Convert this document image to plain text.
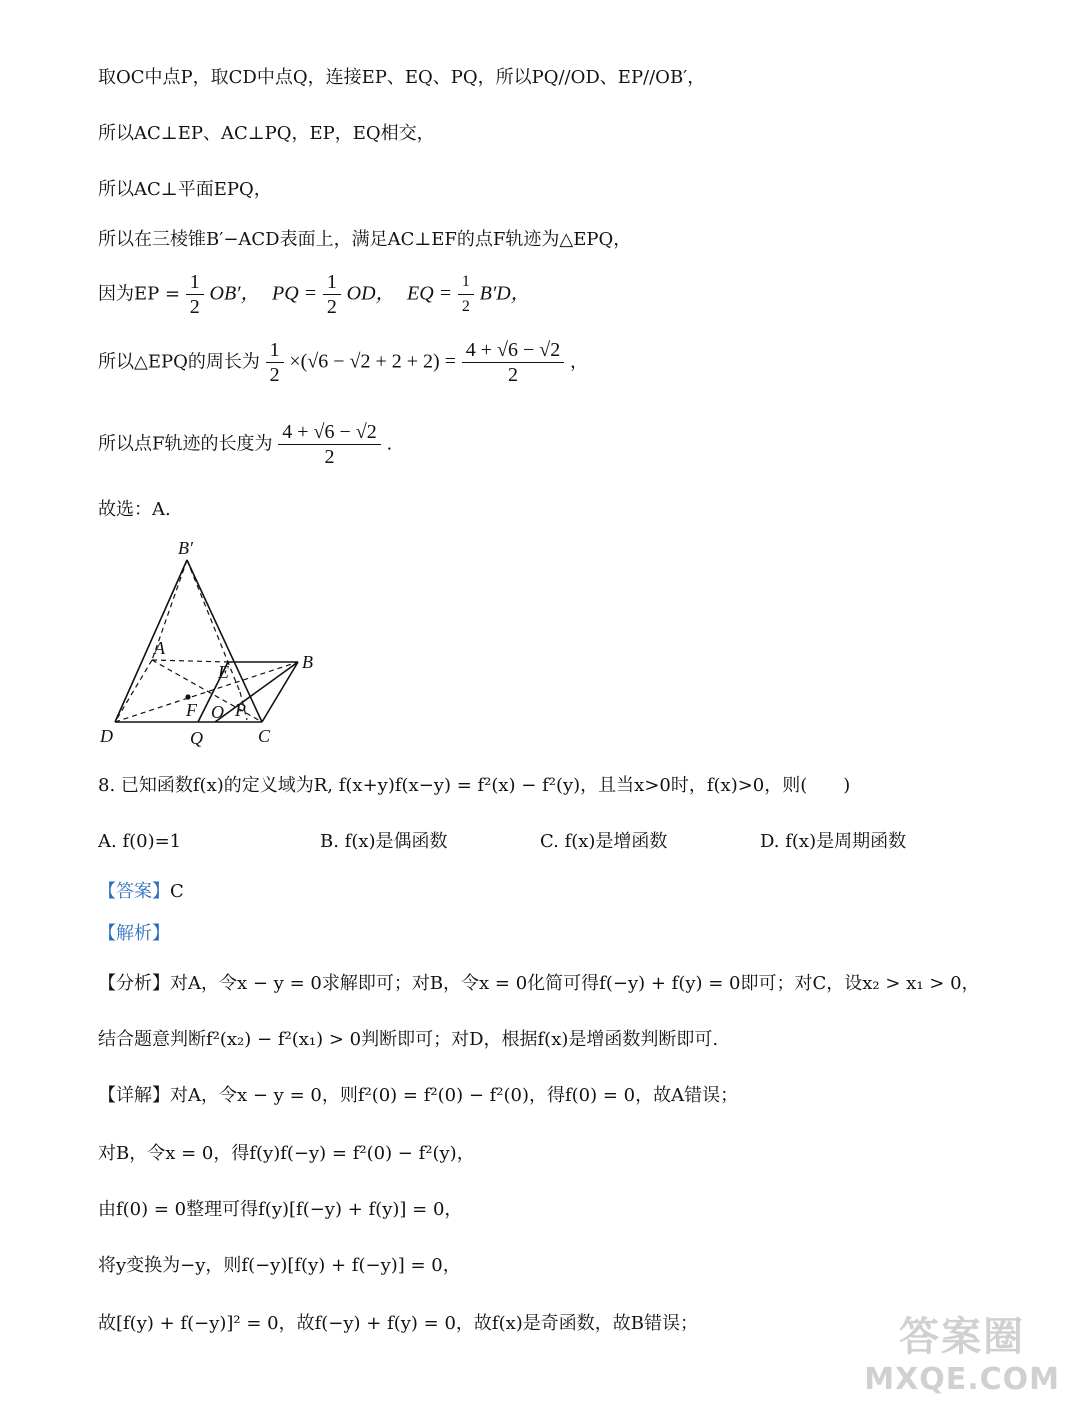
取OC中点P，取CD中点Q，连接EP、EQ、PQ，所以PQ//OD、EP//OB′，
所以AC⊥EP、AC⊥PQ，EP，EQ相交，
所以AC⊥平面EPQ，
所以在三棱锥B′−ACD表面上，满足AC⊥EF的点F轨迹为△EPQ，
因为EP = $\frac{1}{2} OB'$， PQ = $\frac{1}{2}$ OD， EQ = $\frac{1}{2} B'D$，
所以△EPQ的周长为 $\frac{1}{2} \times(√6 - √2 + 2 + 2) = \frac{4 + √6 - √2}{2}$ ，
所以点F轨迹的长度为 $\frac{4 + √6 - √2}{2}$ .
故选：A.
B′
A
E	B
F O P
D	Q	C
8. 已知函数f(x)的定义域为R, f(x+y)f(x−y) = f²(x) − f²(y)，且当x>0时，f(x)>0，则(　　)
A. f(0)=1	B. f(x)是偶函数	C. f(x)是增函数	D. f(x)是周期函数
【答案】C
【解析】
【分析】对A，令x − y = 0求解即可；对B，令x = 0化简可得f(−y) + f(y) = 0即可；对C，设x₂ > x₁ > 0，
结合题意判断f²(x₂) − f²(x₁) > 0判断即可；对D，根据f(x)是增函数判断即可.
【详解】对A，令x − y = 0，则f²(0) = f²(0) − f²(0)，得f(0) = 0，故A错误；
对B，令x = 0，得f(y)f(−y) = f²(0) − f²(y)，
由f(0) = 0整理可得f(y)[f(−y) + f(y)] = 0，
将y变换为−y，则f(−y)[f(y) + f(−y)] = 0，
故[f(y) + f(−y)]² = 0，故f(−y) + f(y) = 0，故f(x)是奇函数，故B错误；	答案圈
MXQE.COM
